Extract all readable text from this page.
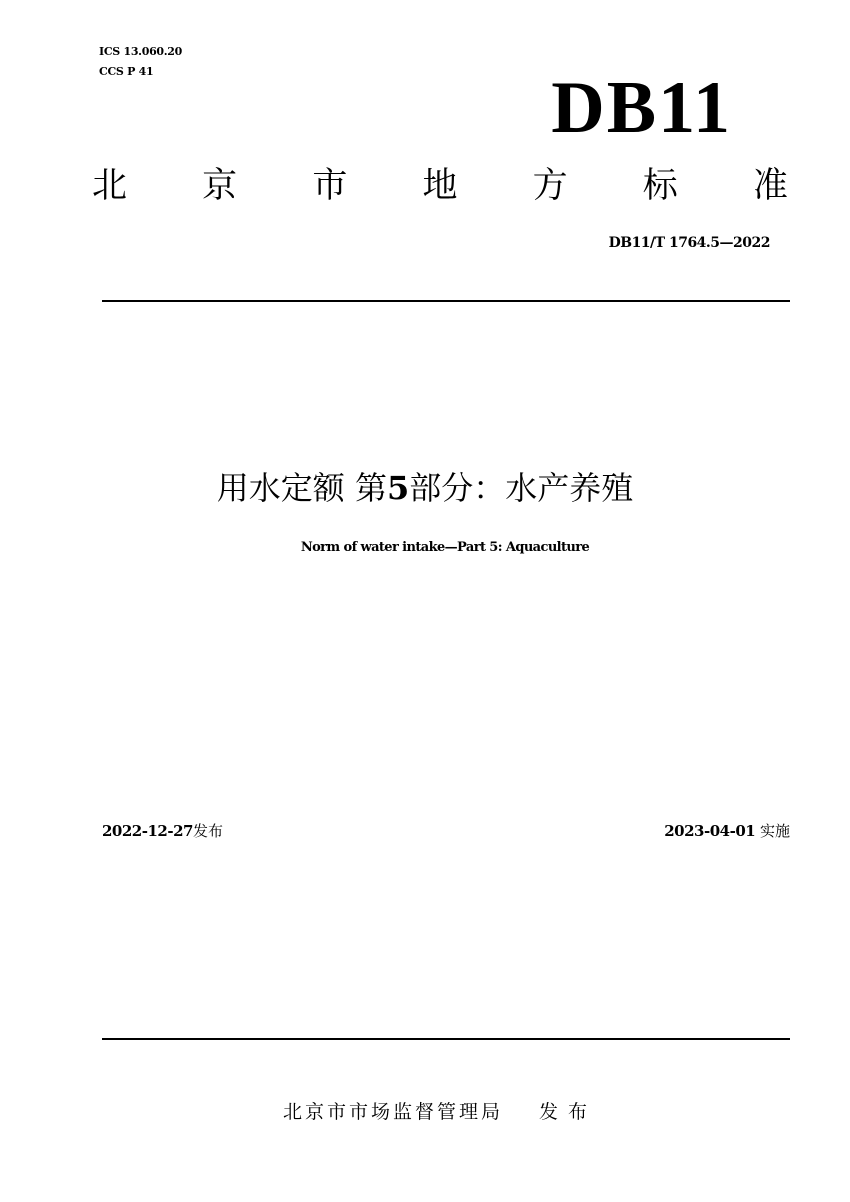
ICS 13.060.20
CCS P 41	DB11
北 京 市 地 方 标 准
DB11/T 1764.5—2022
用水定额 第5部分：水产养殖
Norm of water intake—Part 5: Aquaculture
2022-12-27发布	2023-04-01 实施
北京市市场监督管理局 发布
